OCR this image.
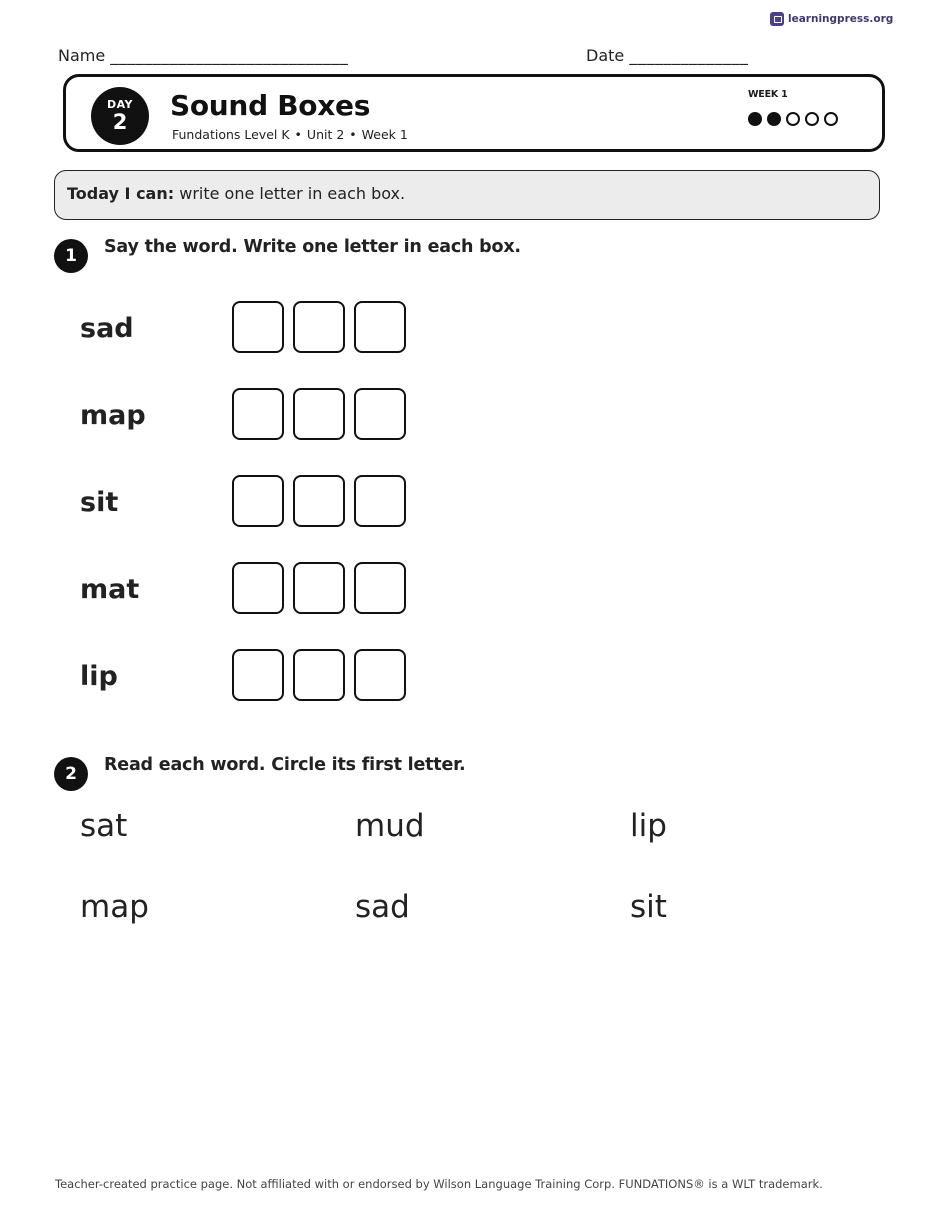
learningpress.org
Name ____________________________	Date ______________
DAY
2	Sound Boxes
Fundations Level K • Unit 2 • Week 1
WEEK 1
Today I can: write one letter in each box.
1	Say the word. Write one letter in each box.
sad
map
sit
mat
lip
2	Read each word. Circle its first letter.
sat	mud	lip
map	sad	sit
Teacher-created practice page. Not affiliated with or endorsed by Wilson Language Training Corp. FUNDATIONS® is a WLT trademark.
